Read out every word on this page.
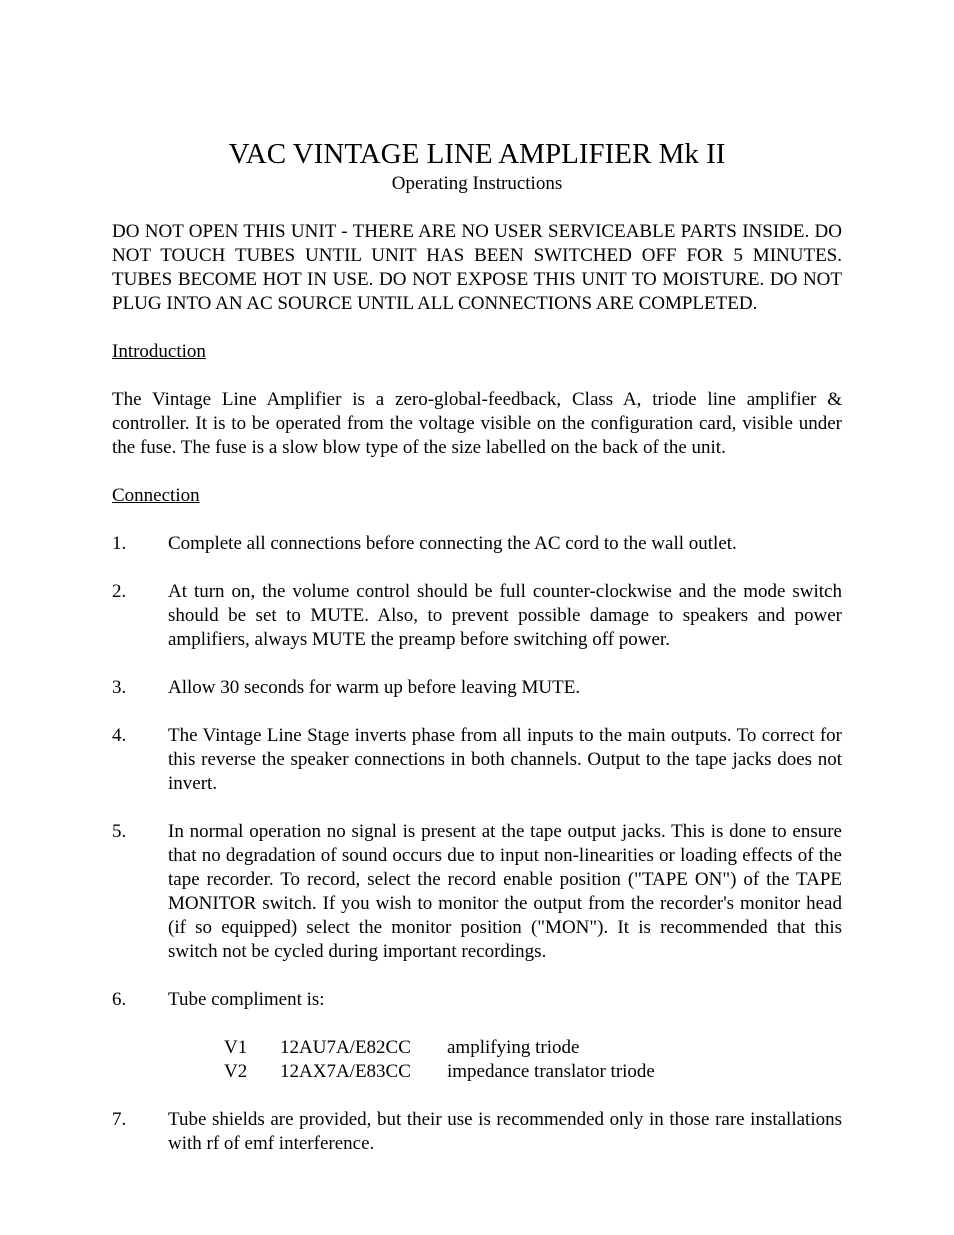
VAC VINTAGE LINE AMPLIFIER Mk II
Operating Instructions
DO NOT OPEN THIS UNIT - THERE ARE NO USER SERVICEABLE PARTS INSIDE. DO NOT TOUCH TUBES UNTIL UNIT HAS BEEN SWITCHED OFF FOR 5 MINUTES. TUBES BECOME HOT IN USE. DO NOT EXPOSE THIS UNIT TO MOISTURE. DO NOT PLUG INTO AN AC SOURCE UNTIL ALL CONNECTIONS ARE COMPLETED.
Introduction
The Vintage Line Amplifier is a zero-global-feedback, Class A, triode line amplifier & controller. It is to be operated from the voltage visible on the configuration card, visible under the fuse. The fuse is a slow blow type of the size labelled on the back of the unit.
Connection
1.	Complete all connections before connecting the AC cord to the wall outlet.
2.	At turn on, the volume control should be full counter-clockwise and the mode switch should be set to MUTE. Also, to prevent possible damage to speakers and power amplifiers, always MUTE the preamp before switching off power.
3.	Allow 30 seconds for warm up before leaving MUTE.
4.	The Vintage Line Stage inverts phase from all inputs to the main outputs. To correct for this reverse the speaker connections in both channels. Output to the tape jacks does not invert.
5.	In normal operation no signal is present at the tape output jacks. This is done to ensure that no degradation of sound occurs due to input non-linearities or loading effects of the tape recorder. To record, select the record enable position ("TAPE ON") of the TAPE MONITOR switch. If you wish to monitor the output from the recorder's monitor head (if so equipped) select the monitor position ("MON"). It is recommended that this switch not be cycled during important recordings.
6.	Tube compliment is:
V1	12AU7A/E82CC	amplifying triode
V2	12AX7A/E83CC	impedance translator triode
7.	Tube shields are provided, but their use is recommended only in those rare installations with rf of emf interference.
